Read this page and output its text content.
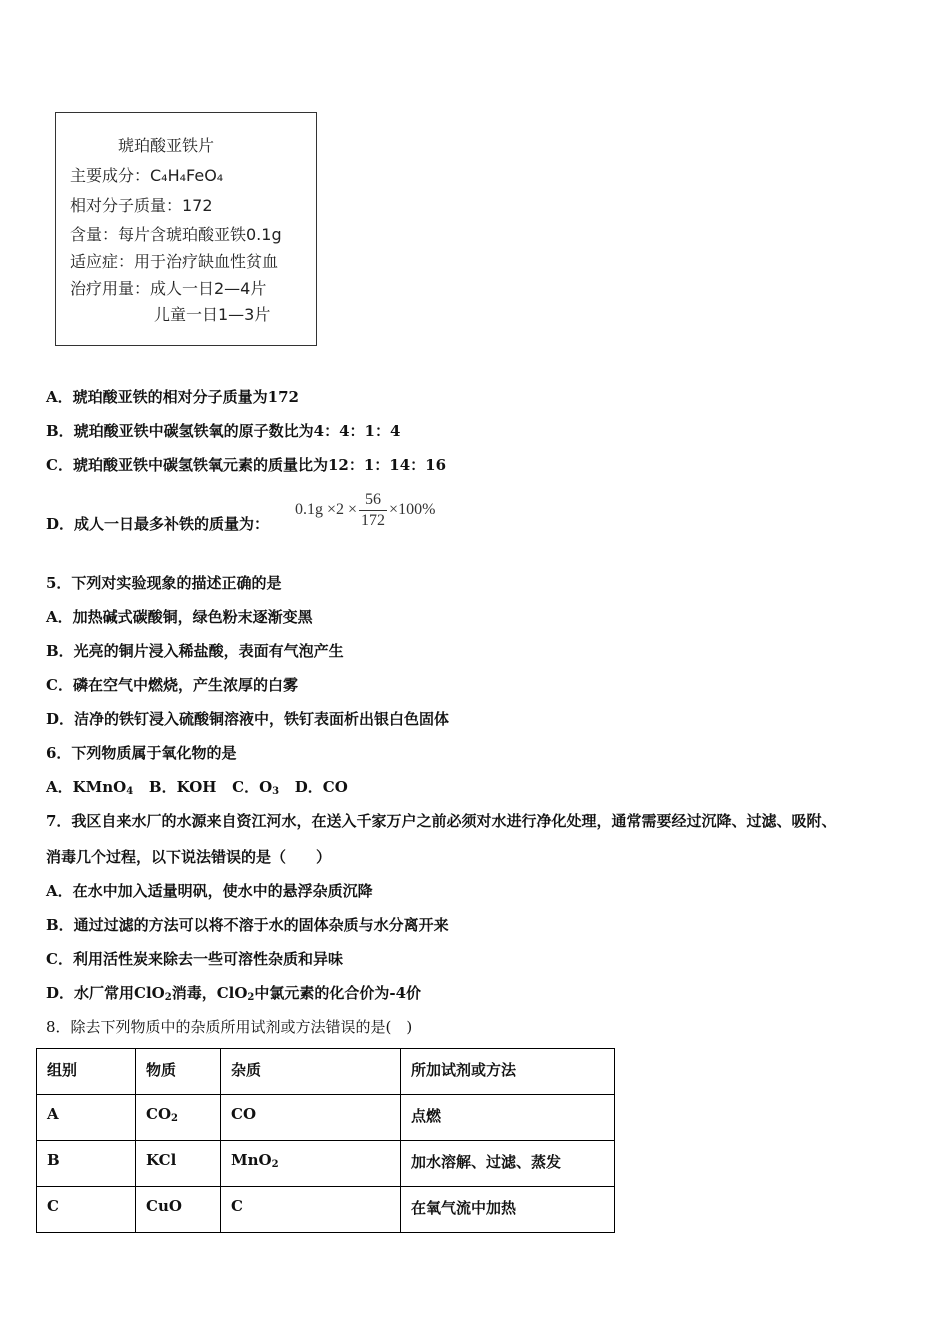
琥珀酸亚铁片
主要成分：C₄H₄FeO₄
相对分子质量：172
含量：每片含琥珀酸亚铁0.1g
适应症：用于治疗缺血性贫血
治疗用量：成人一日2—4片
儿童一日1—3片
A．琥珀酸亚铁的相对分子质量为172
B．琥珀酸亚铁中碳氢铁氧的原子数比为4：4：1：4
C．琥珀酸亚铁中碳氢铁氧元素的质量比为12：1：14：16
D．成人一日最多补铁的质量为：
$0.1g \times 2 \times \frac{56}{172} \times 100\%$
5．下列对实验现象的描述正确的是
A．加热碱式碳酸铜，绿色粉末逐渐变黑
B．光亮的铜片浸入稀盐酸，表面有气泡产生
C．磷在空气中燃烧，产生浓厚的白雾
D．洁净的铁钉浸入硫酸铜溶液中，铁钉表面析出银白色固体
6．下列物质属于氧化物的是
A．KMnO$_4$ B．KOH C．$O_3$ D．CO
7．我区自来水厂的水源来自资江河水，在送入千家万户之前必须对水进行净化处理，通常需要经过沉降、过滤、吸附、
消毒几个过程，以下说法错误的是（　　）
A．在水中加入适量明矾，使水中的悬浮杂质沉降
B．通过过滤的方法可以将不溶于水的固体杂质与水分离开来
C．利用活性炭来除去一些可溶性杂质和异味
D．水厂常用ClO$_2$消毒，ClO$_2$中氯元素的化合价为-4价
8．除去下列物质中的杂质所用试剂或方法错误的是(　)
组别	物质	杂质	所加试剂或方法
A	$CO_2$	CO	点燃
B	KCl	MnO$_2$	加水溶解、过滤、蒸发
C	CuO	C	在氧气流中加热
